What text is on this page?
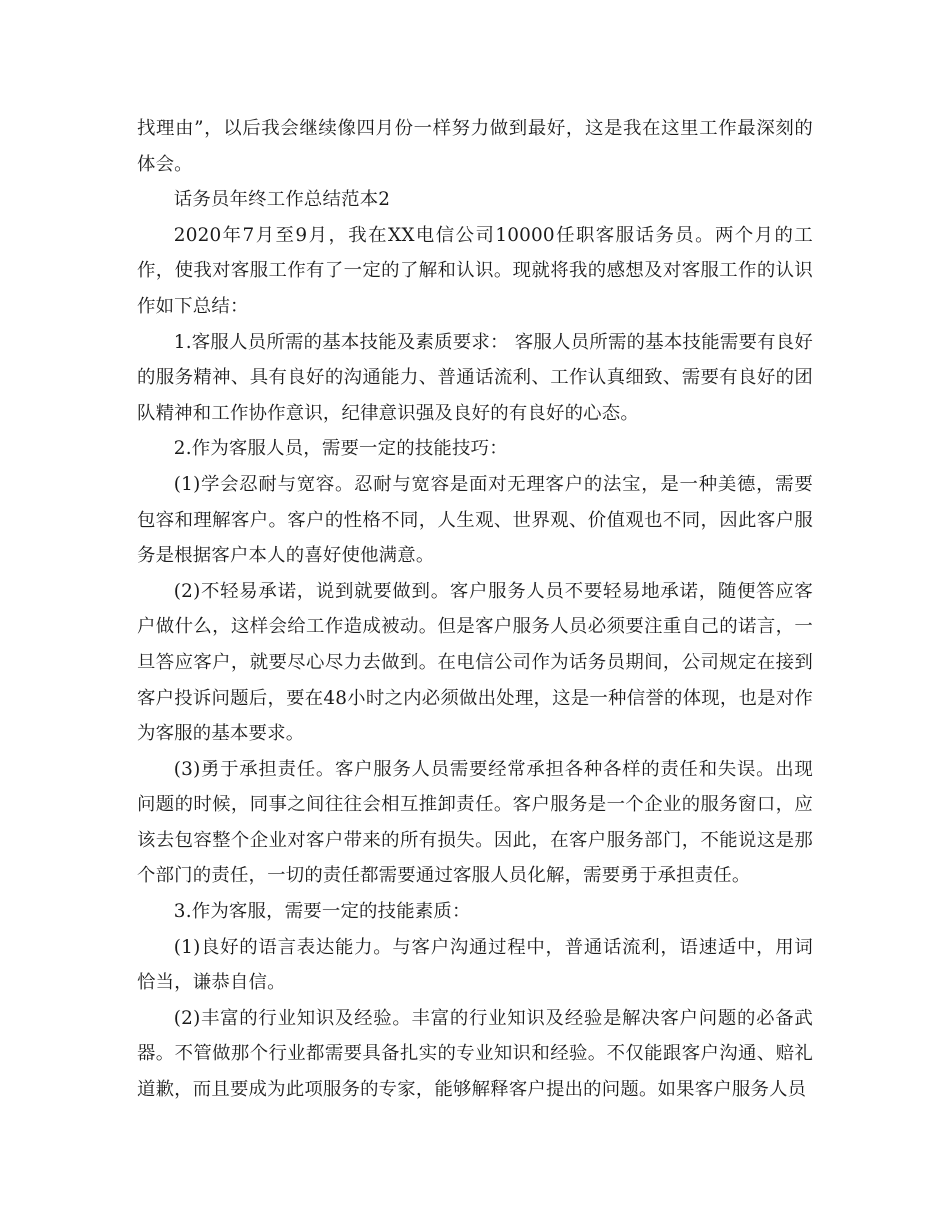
找理由”，以后我会继续像四月份一样努力做到最好，这是我在这里工作最深刻的体会。

话务员年终工作总结范本2

2020年7月至9月，我在XX电信公司10000任职客服话务员。两个月的工作，使我对客服工作有了一定的了解和认识。现就将我的感想及对客服工作的认识作如下总结：

1.客服人员所需的基本技能及素质要求： 客服人员所需的基本技能需要有良好的服务精神、具有良好的沟通能力、普通话流利、工作认真细致、需要有良好的团队精神和工作协作意识，纪律意识强及良好的有良好的心态。

2.作为客服人员，需要一定的技能技巧：

(1)学会忍耐与宽容。忍耐与宽容是面对无理客户的法宝，是一种美德，需要包容和理解客户。客户的性格不同，人生观、世界观、价值观也不同，因此客户服务是根据客户本人的喜好使他满意。

(2)不轻易承诺，说到就要做到。客户服务人员不要轻易地承诺，随便答应客户做什么，这样会给工作造成被动。但是客户服务人员必须要注重自己的诺言，一旦答应客户，就要尽心尽力去做到。在电信公司作为话务员期间，公司规定在接到客户投诉问题后，要在48小时之内必须做出处理，这是一种信誉的体现，也是对作为客服的基本要求。

(3)勇于承担责任。客户服务人员需要经常承担各种各样的责任和失误。出现问题的时候，同事之间往往会相互推卸责任。客户服务是一个企业的服务窗口，应该去包容整个企业对客户带来的所有损失。因此，在客户服务部门，不能说这是那个部门的责任，一切的责任都需要通过客服人员化解，需要勇于承担责任。

3.作为客服，需要一定的技能素质：

(1)良好的语言表达能力。与客户沟通过程中，普通话流利，语速适中，用词恰当，谦恭自信。

(2)丰富的行业知识及经验。丰富的行业知识及经验是解决客户问题的必备武器。不管做那个行业都需要具备扎实的专业知识和经验。不仅能跟客户沟通、赔礼道歉，而且要成为此项服务的专家，能够解释客户提出的问题。如果客户服务人员
